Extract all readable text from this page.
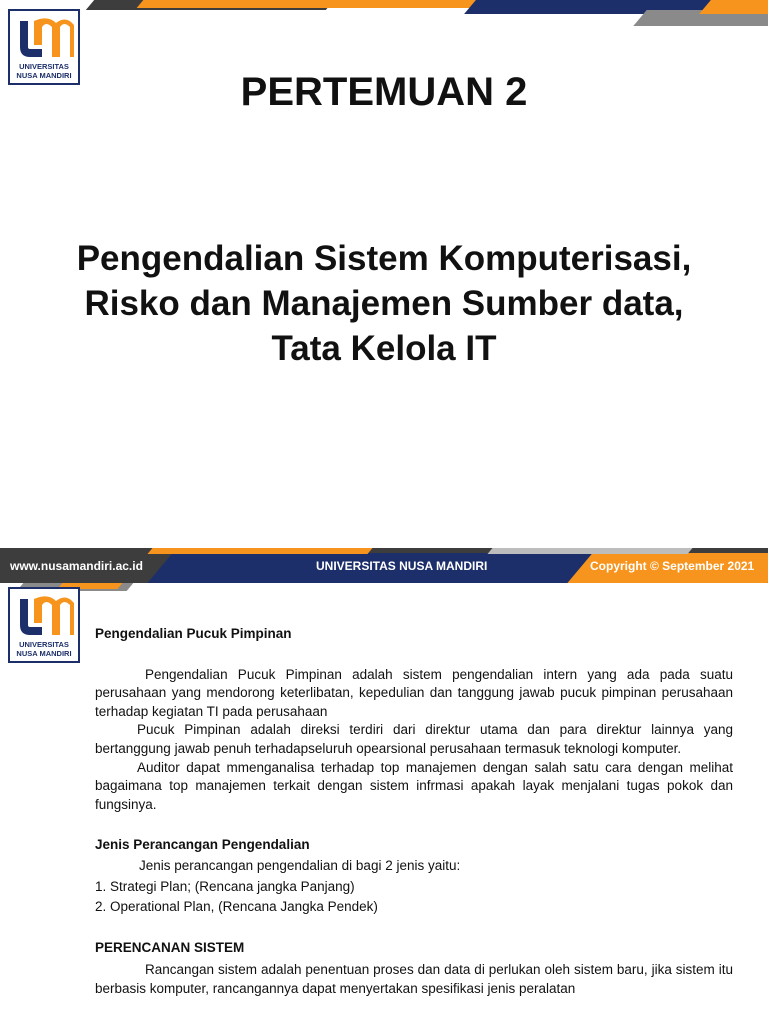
UNIVERSITAS
NUSA MANDIRI	PERTEMUAN 2
Pengendalian Sistem Komputerisasi,
Risko dan Manajemen Sumber data,
Tata Kelola IT
www.nusamandiri.ac.id	UNIVERSITAS NUSA MANDIRI	Copyright © September 2021
UNIVERSITAS
NUSA MANDIRI

Pengendalian Pucuk Pimpinan

Pengendalian Pucuk Pimpinan adalah sistem pengendalian intern yang ada pada suatu perusahaan yang mendorong keterlibatan, kepedulian dan tanggung jawab pucuk pimpinan perusahaan terhadap kegiatan TI pada perusahaan

Pucuk Pimpinan adalah direksi terdiri dari direktur utama dan para direktur lainnya yang bertanggung jawab penuh terhadapseluruh opearsional perusahaan termasuk teknologi komputer.

Auditor dapat mmenganalisa terhadap top manajemen dengan salah satu cara dengan melihat bagaimana top manajemen terkait dengan sistem infrmasi apakah layak menjalani tugas pokok dan fungsinya.

Jenis Perancangan Pengendalian

Jenis perancangan pengendalian di bagi 2 jenis yaitu:

1. Strategi Plan; (Rencana jangka Panjang)

2. Operational Plan, (Rencana Jangka Pendek)

PERENCANAN SISTEM

Rancangan sistem adalah penentuan proses dan data di perlukan oleh sistem baru, jika sistem itu berbasis komputer, rancangannya dapat menyertakan spesifikasi jenis peralatan
